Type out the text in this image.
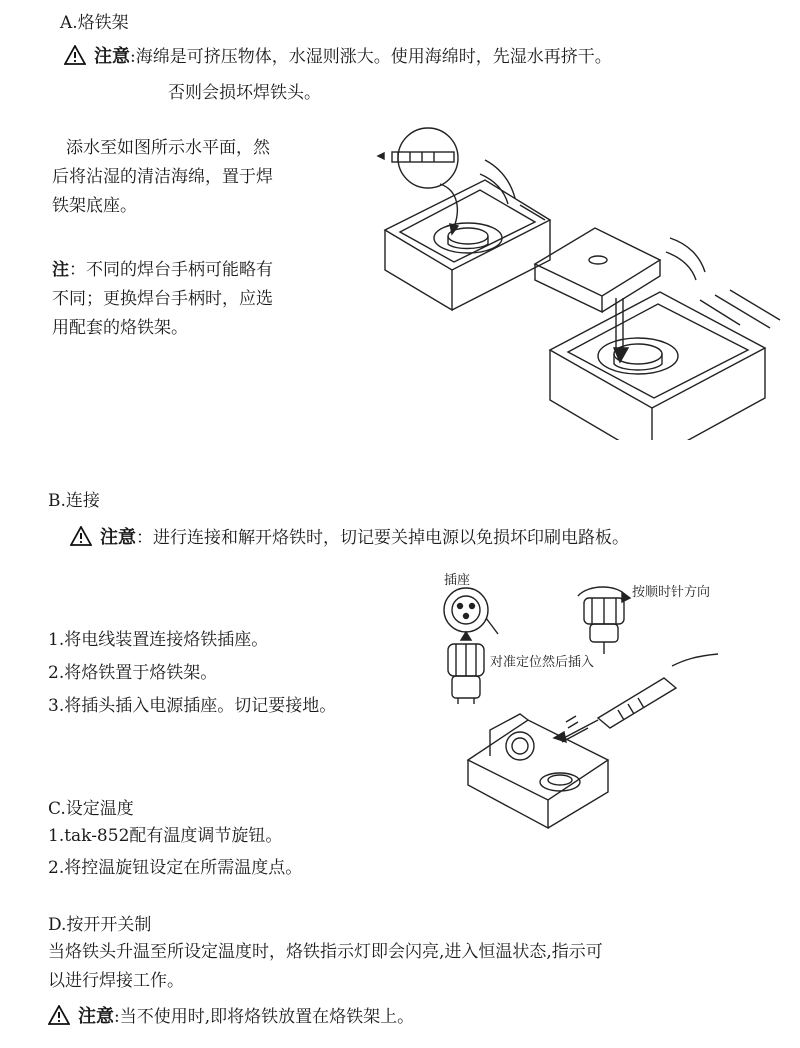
A.烙铁架
注意:海绵是可挤压物体，水湿则涨大。使用海绵时，先湿水再挤干。
否则会损坏焊铁头。
添水至如图所示水平面，然
后将沾湿的清洁海绵，置于焊
铁架底座。
注：不同的焊台手柄可能略有
不同；更换焊台手柄时，应选
用配套的烙铁架。
B.连接
注意：进行连接和解开烙铁时，切记要关掉电源以免损坏印刷电路板。
1.将电线装置连接烙铁插座。
2.将烙铁置于烙铁架。
3.将插头插入电源插座。切记要接地。
插座
按顺时针方向
对准定位然后插入
C.设定温度
1.tak-852配有温度调节旋钮。
2.将控温旋钮设定在所需温度点。
D.按开开关制
当烙铁头升温至所设定温度时，烙铁指示灯即会闪亮,进入恒温状态,指示可
以进行焊接工作。
注意:当不使用时,即将烙铁放置在烙铁架上。
